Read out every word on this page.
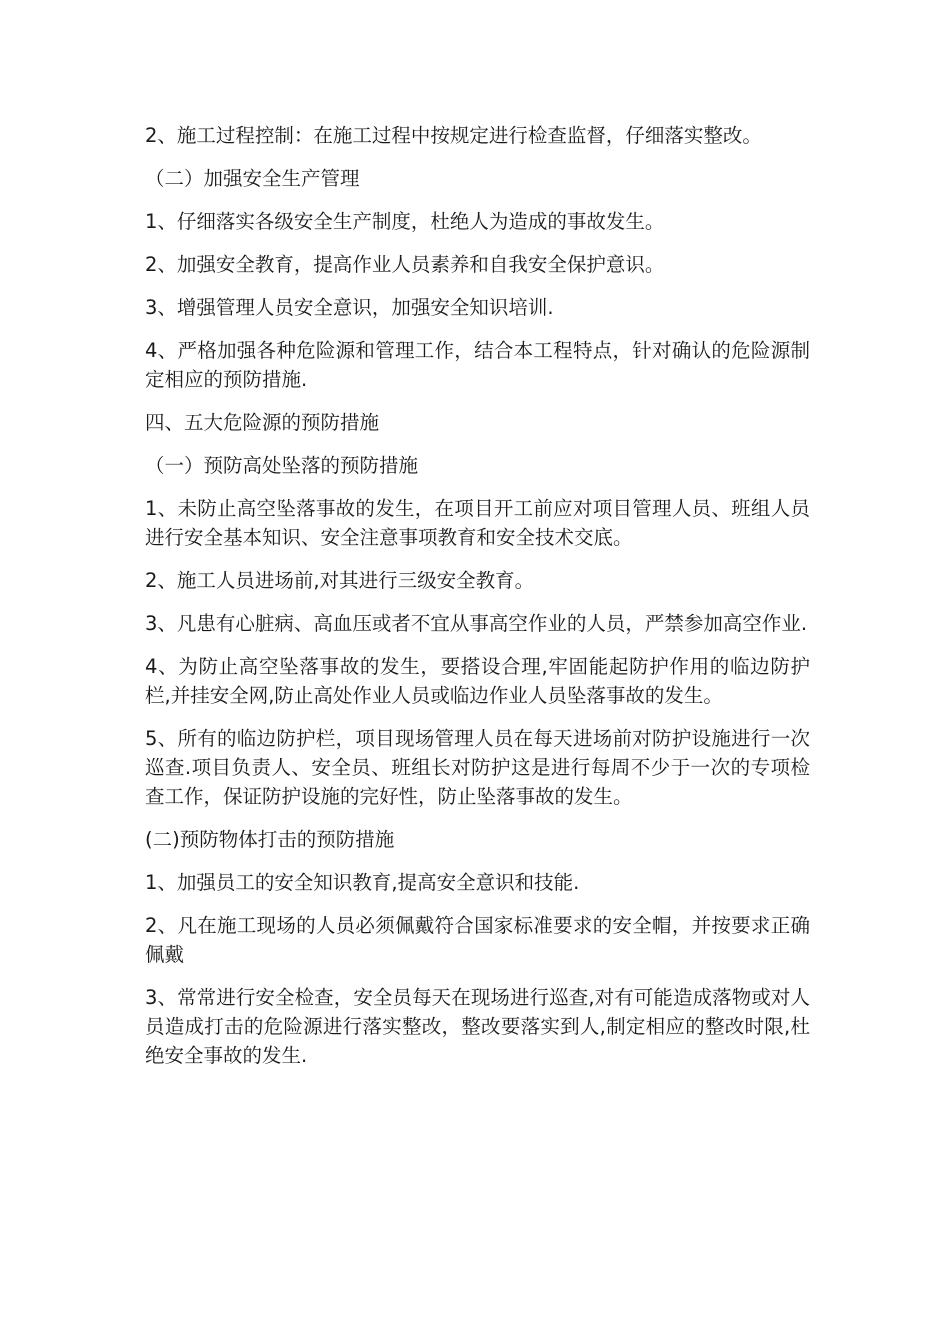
2、施工过程控制：在施工过程中按规定进行检查监督，仔细落实整改。

（二）加强安全生产管理

1、仔细落实各级安全生产制度，杜绝人为造成的事故发生。

2、加强安全教育，提高作业人员素养和自我安全保护意识。

3、增强管理人员安全意识，加强安全知识培训.

4、严格加强各种危险源和管理工作，结合本工程特点，针对确认的危险源制定相应的预防措施.

四、五大危险源的预防措施

（一）预防高处坠落的预防措施

1、未防止高空坠落事故的发生，在项目开工前应对项目管理人员、班组人员进行安全基本知识、安全注意事项教育和安全技术交底。

2、施工人员进场前,对其进行三级安全教育。

3、凡患有心脏病、高血压或者不宜从事高空作业的人员，严禁参加高空作业.

4、为防止高空坠落事故的发生，要搭设合理,牢固能起防护作用的临边防护栏,并挂安全网,防止高处作业人员或临边作业人员坠落事故的发生。

5、所有的临边防护栏，项目现场管理人员在每天进场前对防护设施进行一次巡查.项目负责人、安全员、班组长对防护这是进行每周不少于一次的专项检查工作，保证防护设施的完好性，防止坠落事故的发生。

(二)预防物体打击的预防措施

1、加强员工的安全知识教育,提高安全意识和技能.

2、凡在施工现场的人员必须佩戴符合国家标准要求的安全帽，并按要求正确佩戴

3、常常进行安全检查，安全员每天在现场进行巡查,对有可能造成落物或对人员造成打击的危险源进行落实整改，整改要落实到人,制定相应的整改时限,杜绝安全事故的发生.
